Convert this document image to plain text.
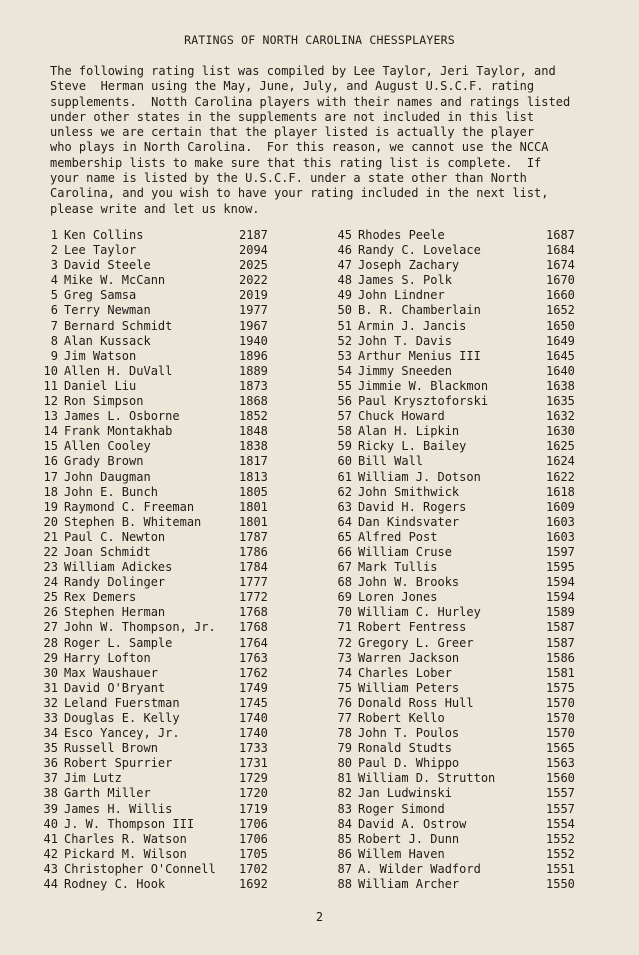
RATINGS OF NORTH CAROLINA CHESSPLAYERS
The following rating list was compiled by Lee Taylor, Jeri Taylor, and
Steve  Herman using the May, June, July, and August U.S.C.F. rating
supplements.  Notth Carolina players with their names and ratings listed
under other states in the supplements are not included in this list
unless we are certain that the player listed is actually the player
who plays in North Carolina.  For this reason, we cannot use the NCCA
membership lists to make sure that this rating list is complete.  If
your name is listed by the U.S.C.F. under a state other than North
Carolina, and you wish to have your rating included in the next list,
please write and let us know.
1 Ken Collins	2187
2 Lee Taylor	2094
3 David Steele	2025
4 Mike W. McCann	2022
5 Greg Samsa	2019
6 Terry Newman	1977
7 Bernard Schmidt	1967
8 Alan Kussack	1940
9 Jim Watson	1896
10 Allen H. DuVall	1889
11 Daniel Liu	1873
12 Ron Simpson	1868
13 James L. Osborne	1852
14 Frank Montakhab	1848
15 Allen Cooley	1838
16 Grady Brown	1817
17 John Daugman	1813
18 John E. Bunch	1805
19 Raymond C. Freeman	1801
20 Stephen B. Whiteman	1801
21 Paul C. Newton	1787
22 Joan Schmidt	1786
23 William Adickes	1784
24 Randy Dolinger	1777
25 Rex Demers	1772
26 Stephen Herman	1768
27 John W. Thompson, Jr. 1768
28 Roger L. Sample	1764
29 Harry Lofton	1763
30 Max Waushauer	1762
31 David O'Bryant	1749
32 Leland Fuerstman	1745
33 Douglas E. Kelly	1740
34 Esco Yancey, Jr.	1740
35 Russell Brown	1733
36 Robert Spurrier	1731
37 Jim Lutz	1729
38 Garth Miller	1720
39 James H. Willis	1719
40 J. W. Thompson III	1706
41 Charles R. Watson	1706
42 Pickard M. Wilson	1705
43 Christopher O'Connell 1702
44 Rodney C. Hook	1692
45 Rhodes Peele	1687
46 Randy C. Lovelace	1684
47 Joseph Zachary	1674
48 James S. Polk	1670
49 John Lindner	1660
50 B. R. Chamberlain	1652
51 Armin J. Jancis	1650
52 John T. Davis	1649
53 Arthur Menius III	1645
54 Jimmy Sneeden	1640
55 Jimmie W. Blackmon	1638
56 Paul Krysztoforski	1635
57 Chuck Howard	1632
58 Alan H. Lipkin	1630
59 Ricky L. Bailey	1625
60 Bill Wall	1624
61 William J. Dotson	1622
62 John Smithwick	1618
63 David H. Rogers	1609
64 Dan Kindsvater	1603
65 Alfred Post	1603
66 William Cruse	1597
67 Mark Tullis	1595
68 John W. Brooks	1594
69 Loren Jones	1594
70 William C. Hurley	1589
71 Robert Fentress	1587
72 Gregory L. Greer	1587
73 Warren Jackson	1586
74 Charles Lober	1581
75 William Peters	1575
76 Donald Ross Hull	1570
77 Robert Kello	1570
78 John T. Poulos	1570
79 Ronald Studts	1565
80 Paul D. Whippo	1563
81 William D. Strutton	1560
82 Jan Ludwinski	1557
83 Roger Simond	1557
84 David A. Ostrow	1554
85 Robert J. Dunn	1552
86 Willem Haven	1552
87 A. Wilder Wadford	1551
88 William Archer	1550
2
